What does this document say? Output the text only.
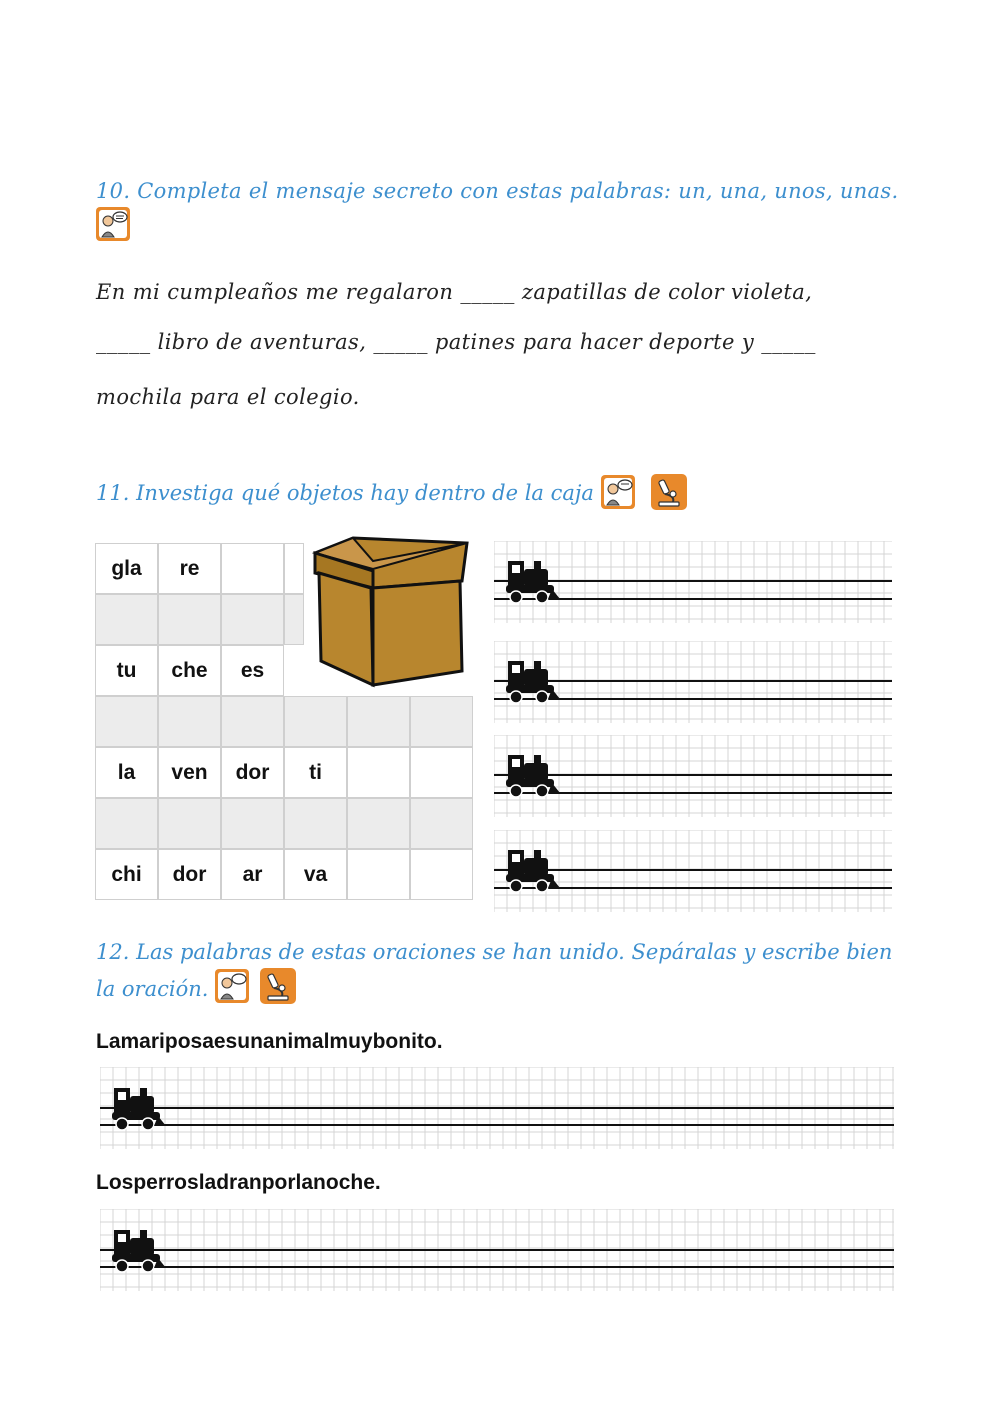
10. Completa el mensaje secreto con estas palabras: un, una, unos, unas.
En mi cumpleaños me regalaron _____ zapatillas de color violeta,
_____ libro de aventuras, _____ patines para hacer deporte y _____
mochila para el colegio.
11. Investiga qué objetos hay dentro de la caja
gla	re
tu	che	es
la	ven	dor	ti
chi	dor	ar	va
12. Las palabras de estas oraciones se han unido. Sepáralas y escribe bien la oración.
Lamariposaesunanimalmuybonito.
Losperrosladranporlanoche.
